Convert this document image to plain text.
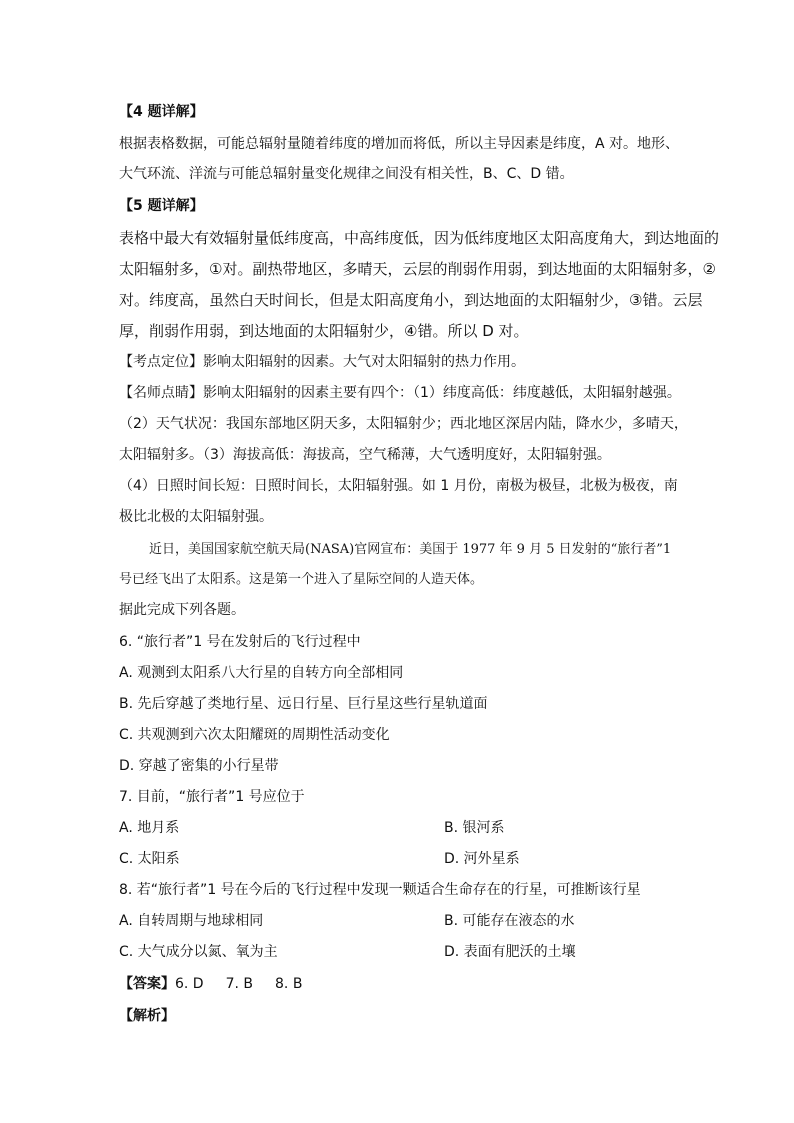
【4 题详解】
根据表格数据，可能总辐射量随着纬度的增加而将低，所以主导因素是纬度，A 对。地形、
大气环流、洋流与可能总辐射量变化规律之间没有相关性，B、C、D 错。
【5 题详解】
表格中最大有效辐射量低纬度高，中高纬度低，因为低纬度地区太阳高度角大，到达地面的
太阳辐射多，①对。副热带地区，多晴天，云层的削弱作用弱，到达地面的太阳辐射多，②
对。纬度高，虽然白天时间长，但是太阳高度角小，到达地面的太阳辐射少，③错。云层
厚，削弱作用弱，到达地面的太阳辐射少，④错。所以 D 对。
【考点定位】影响太阳辐射的因素。大气对太阳辐射的热力作用。
【名师点睛】影响太阳辐射的因素主要有四个：（1）纬度高低：纬度越低，太阳辐射越强。
（2）天气状况：我国东部地区阴天多，太阳辐射少；西北地区深居内陆，降水少，多晴天，
太阳辐射多。（3）海拔高低：海拔高，空气稀薄，大气透明度好，太阳辐射强。
（4）日照时间长短：日照时间长，太阳辐射强。如 1 月份，南极为极昼，北极为极夜，南
极比北极的太阳辐射强。
近日，美国国家航空航天局(NASA)官网宣布：美国于 1977 年 9 月 5 日发射的“旅行者”1
号已经飞出了太阳系。这是第一个进入了星际空间的人造天体。
据此完成下列各题。
6. “旅行者”1 号在发射后的飞行过程中
A. 观测到太阳系八大行星的自转方向全部相同
B. 先后穿越了类地行星、远日行星、巨行星这些行星轨道面
C. 共观测到六次太阳耀斑的周期性活动变化
D. 穿越了密集的小行星带
7. 目前，“旅行者”1 号应位于
A. 地月系	B. 银河系
C. 太阳系	D. 河外星系
8. 若“旅行者”1 号在今后的飞行过程中发现一颗适合生命存在的行星，可推断该行星
A. 自转周期与地球相同	B. 可能存在液态的水
C. 大气成分以氮、氧为主	D. 表面有肥沃的土壤
【答案】6. D 7. B 8. B
【解析】
